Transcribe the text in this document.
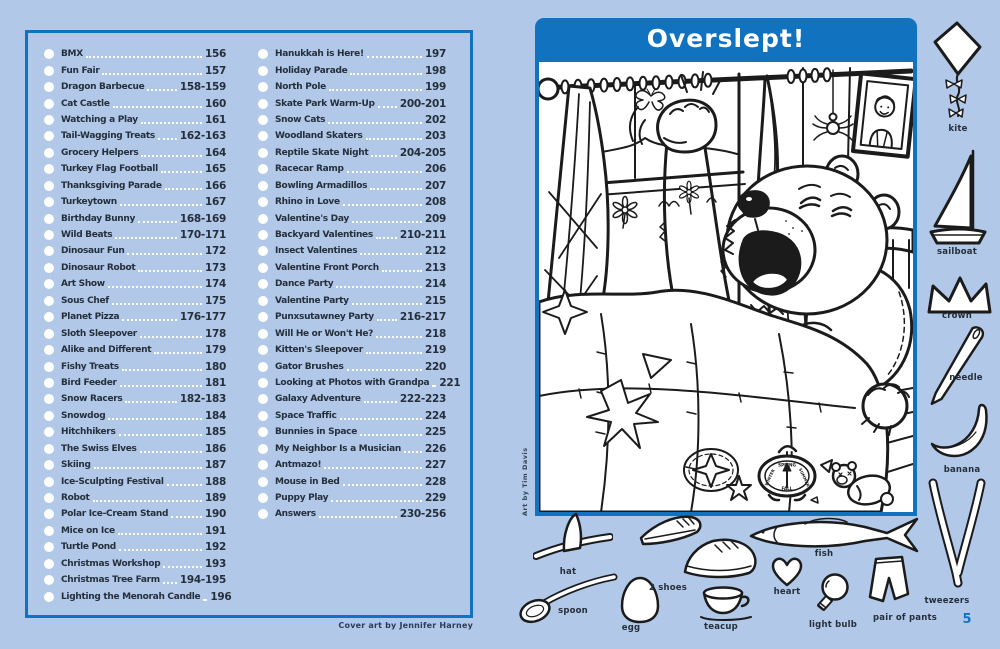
BMX	156
Fun Fair	157
Dragon Barbecue	158-159
Cat Castle	160
Watching a Play	161
Tail-Wagging Treats 162-163
Grocery Helpers	164
Turkey Flag Football	165
Thanksgiving Parade	166
Turkeytown	167
Birthday Bunny	168-169
Wild Beats	170-171
Dinosaur Fun	172
Dinosaur Robot	173
Art Show	174
Sous Chef	175
Planet Pizza	176-177
Sloth Sleepover	178
Alike and Different	179
Fishy Treats	180
Bird Feeder	181
Snow Racers	182-183
Snowdog	184
Hitchhikers	185
The Swiss Elves	186
Skiing	187
Ice-Sculpting Festival	188
Robot	189
Polar Ice-Cream Stand	190
Mice on Ice	191
Turtle Pond	192
Christmas Workshop	193
Christmas Tree Farm 194-195
Lighting the Menorah Candle 196
Hanukkah is Here!	197
Holiday Parade	198
North Pole	199
Skate Park Warm-Up 200-201
Snow Cats	202
Woodland Skaters	203
Reptile Skate Night	204-205
Racecar Ramp	206
Bowling Armadillos	207
Rhino in Love	208
Valentine's Day	209
Backyard Valentines	210-211
Insect Valentines	212
Valentine Front Porch	213
Dance Party	214
Valentine Party	215
Punxsutawney Party 216-217
Will He or Won't He?	218
Kitten's Sleepover	219
Gator Brushes	220
Looking at Photos with Grandpa 221
Galaxy Adventure	222-223
Space Traffic	224
Bunnies in Space	225
My Neighbor Is a Musician 226
Antmazo!	227
Mouse in Bed	228
Puppy Play	229
Answers	230-256
Cover art by Jennifer Harney
Overslept!
SPRING
WINTER	SUMMER
FALL
Art by Tim Davis
5
kite
sailboat
crown
needle
banana
tweezers
hat
spoon
egg
2 shoes
teacup
fish
heart
light bulb
pair of pants
